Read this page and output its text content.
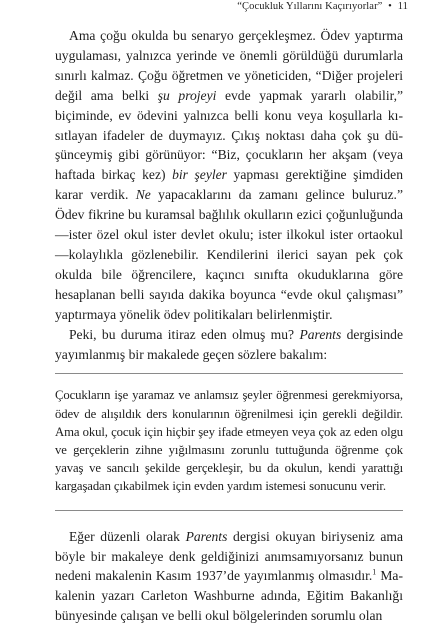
“Çocukluk Yıllarını Kaçırıyorlar” • 11

Ama çoğu okulda bu senaryo gerçekleşmez. Ödev yaptırma uygulaması, yalnızca yerinde ve önemli görüldüğü durumlarla sınırlı kalmaz. Çoğu öğretmen ve yöneticiden, “Diğer projeleri değil ama belki şu projeyi evde yapmak yararlı olabilir,” biçiminde, ev ödevini yalnızca belli konu veya koşullarla kısıtlayan ifadeler de duymayız. Çıkış noktası daha çok şu düşünceymiş gibi görünüyor: “Biz, çocukların her akşam (veya haftada birkaç kez) bir şeyler yapması gerektiğine şimdiden karar verdik. Ne yapacaklarını da zamanı gelince buluruz.” Ödev fikrine bu kuramsal bağlılık okulların ezici çoğunluğunda—ister özel okul ister devlet okulu; ister ilkokul ister ortaokul—kolaylıkla gözlenebilir. Kendilerini ilerici sayan pek çok okulda bile öğrencilere, kaçıncı sınıfta okuduklarına göre hesaplanan belli sayıda dakika boyunca “evde okul çalışması” yaptırmaya yönelik ödev politikaları belirlenmiştir.

Peki, bu duruma itiraz eden olmuş mu? Parents dergisinde yayımlanmış bir makalede geçen sözlere bakalım:

Çocukların işe yaramaz ve anlamsız şeyler öğrenmesi gerekmiyorsa, ödev de alışıldık ders konularının öğrenilmesi için gerekli değildir. Ama okul, çocuk için hiçbir şey ifade etmeyen veya çok az eden olgu ve gerçeklerin zihne yığılmasını zorunlu tuttuğunda öğrenme çok yavaş ve sancılı şekilde gerçekleşir, bu da okulun, kendi yarattığı kargaşadan çıkabilmek için evden yardım istemesi sonucunu verir.

Eğer düzenli olarak Parents dergisi okuyan biriyseniz ama böyle bir makaleye denk geldiğinizi anımsamıyorsanız bunun nedeni makalenin Kasım 1937’de yayımlanmış olmasıdır.$^1$ Makalenin yazarı Carleton Washburne adında, Eğitim Bakanlığı bünyesinde çalışan ve belli okul bölgelerinden sorumlu olan
